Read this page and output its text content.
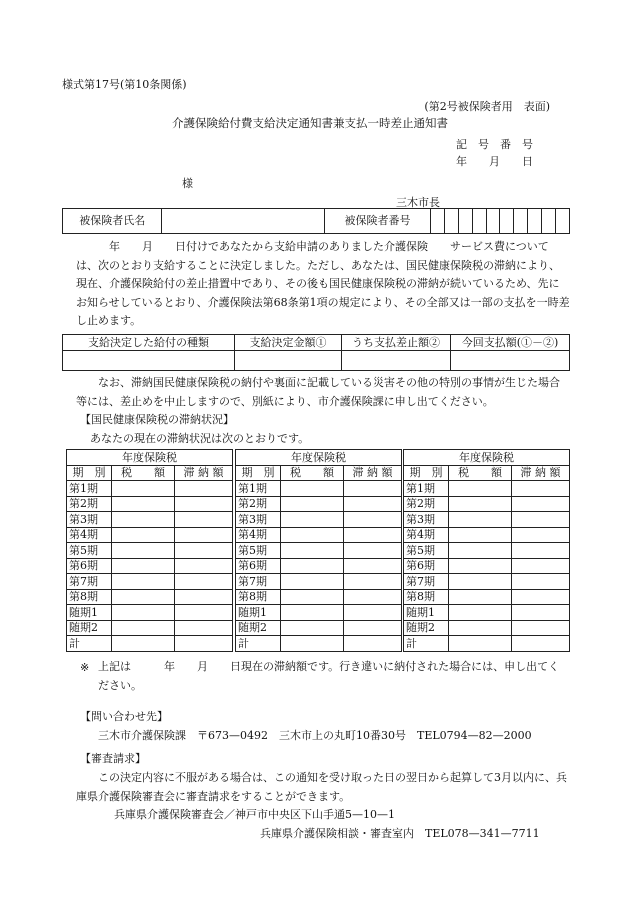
様式第17号(第10条関係)
(第2号被保険者用　表面)
介護保険給付費支給決定通知書兼支払一時差止通知書
記　号　番　号
年　　月　　日
様
三木市長
被保険者氏名		被保険者番号										
　年　　月　　日付けであなたから支給申請のありました介護保険　　サービス費については、次のとおり支給することに決定しました。ただし、あなたは、国民健康保険税の滞納により、現在、介護保険給付の差止措置中であり、その後も国民健康保険税の滞納が続いているため、先にお知らせしているとおり、介護保険法第68条第1項の規定により、その全部又は一部の支払を一時差し止めます。
支給決定した給付の種類	支給決定金額①	うち支払差止額②	今回支払額(①－②)

なお、滞納国民健康保険税の納付や裏面に記載している災害その他の特別の事情が生じた場合等には、差止めを中止しますので、別紙により、市介護保険課に申し出てください。
【国民健康保険税の滞納状況】
あなたの現在の滞納状況は次のとおりです。
年度保険税		
期　別	税　　額	滞 納 額
第1期		
第2期		
第3期		
第4期		
第5期		
第6期		
第7期		
第8期		
随期1		
随期2		
計		
年度保険税		
期　別	税　　額	滞 納 額
第1期		
第2期		
第3期		
第4期		
第5期		
第6期		
第7期		
第8期		
随期1		
随期2		
計		
年度保険税		
期　別	税　　額	滞 納 額
第1期		
第2期		
第3期		
第4期		
第5期		
第6期		
第7期		
第8期		
随期1		
随期2		
計		
※ 上記は　　　年　　月　　日現在の滞納額です。行き違いに納付された場合には、申し出てください。
【問い合わせ先】
三木市介護保険課　〒673—0492　三木市上の丸町10番30号　TEL0794—82—2000
【審査請求】
この決定内容に不服がある場合は、この通知を受け取った日の翌日から起算して3月以内に、兵庫県介護保険審査会に審査請求をすることができます。
兵庫県介護保険審査会／神戸市中央区下山手通5—10—1
兵庫県介護保険相談・審査室内　TEL078—341—7711
